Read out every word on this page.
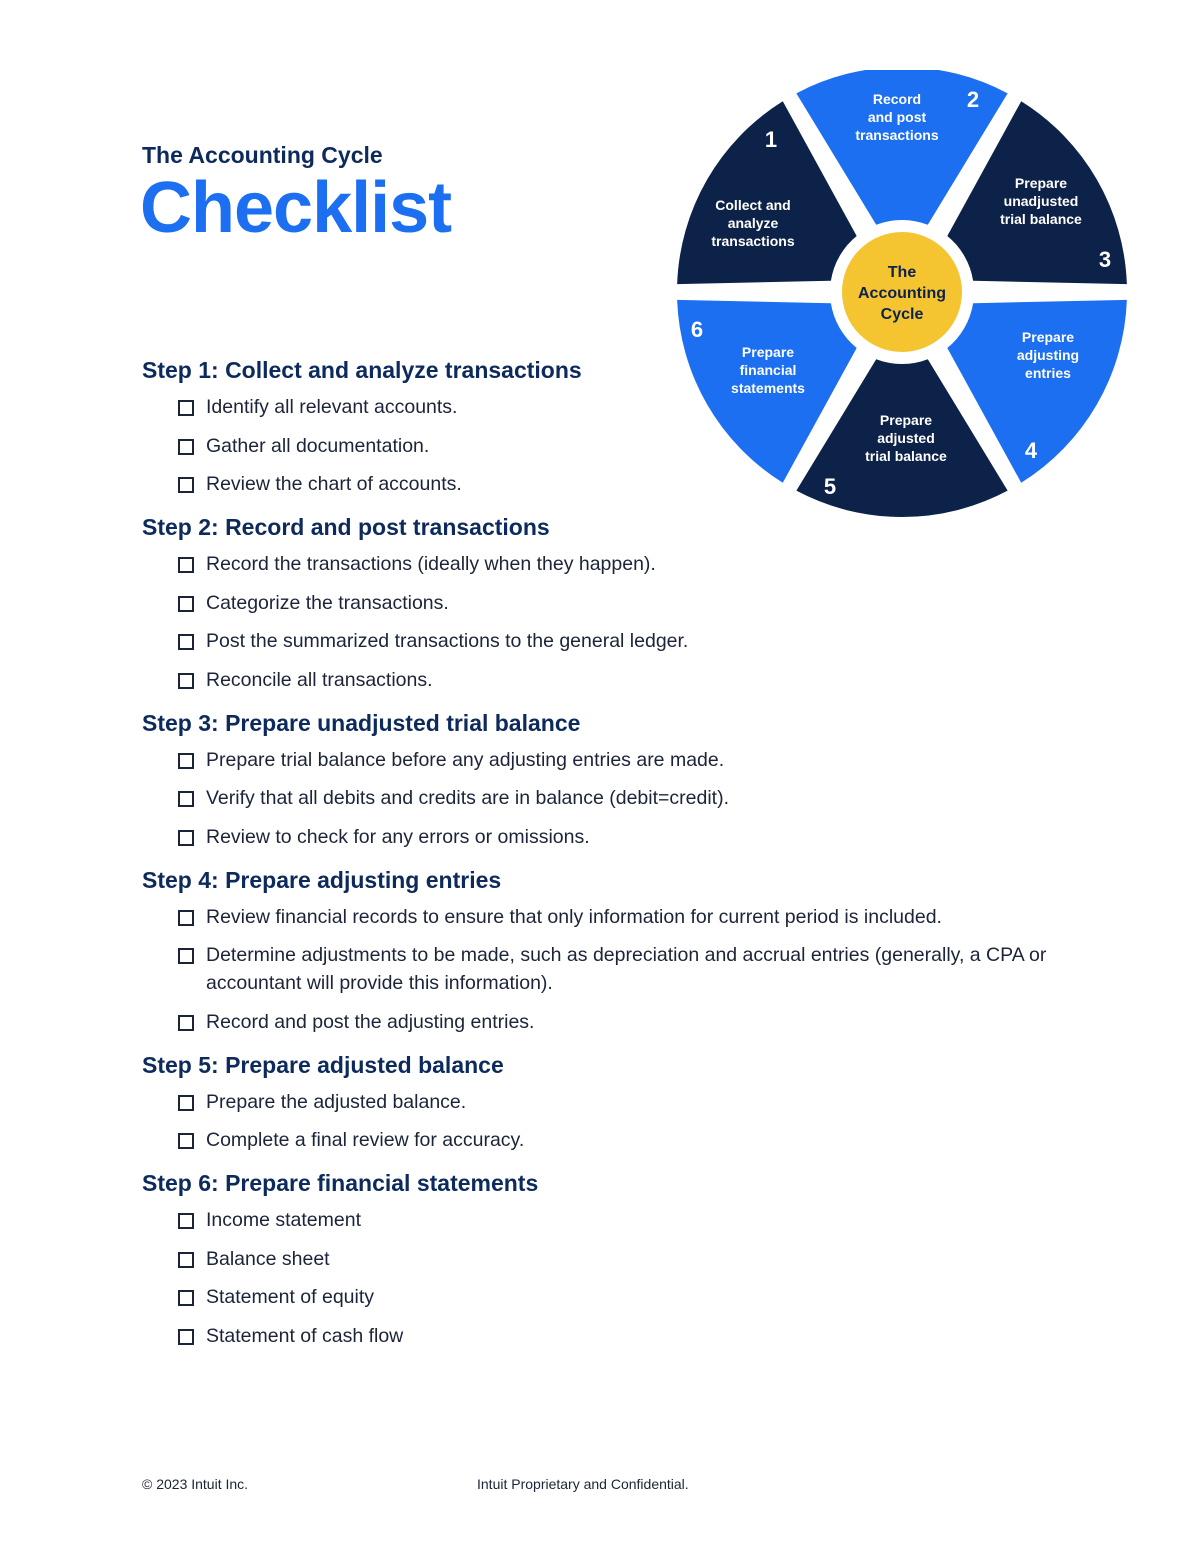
The Accounting Cycle
Checklist	Collect and analyze transactions
1
Record and post transactions
2
Prepare unadjusted trial balance
3
Prepare adjusting entries
4
Prepare adjusted trial balance
5
Prepare financial statements
6
The Accounting Cycle
Step 1: Collect and analyze transactions
Identify all relevant accounts.
Gather all documentation.
Review the chart of accounts.
Step 2: Record and post transactions
Record the transactions (ideally when they happen).
Categorize the transactions.
Post the summarized transactions to the general ledger.
Reconcile all transactions.
Step 3: Prepare unadjusted trial balance
Prepare trial balance before any adjusting entries are made.
Verify that all debits and credits are in balance (debit=credit).
Review to check for any errors or omissions.
Step 4: Prepare adjusting entries
Review financial records to ensure that only information for current period is included.
Determine adjustments to be made, such as depreciation and accrual entries (generally, a CPA or accountant will provide this information).
Record and post the adjusting entries.
Step 5: Prepare adjusted balance
Prepare the adjusted balance.
Complete a final review for accuracy.
Step 6: Prepare financial statements
Income statement
Balance sheet
Statement of equity
Statement of cash flow
© 2023 Intuit Inc.	Intuit Proprietary and Confidential.
